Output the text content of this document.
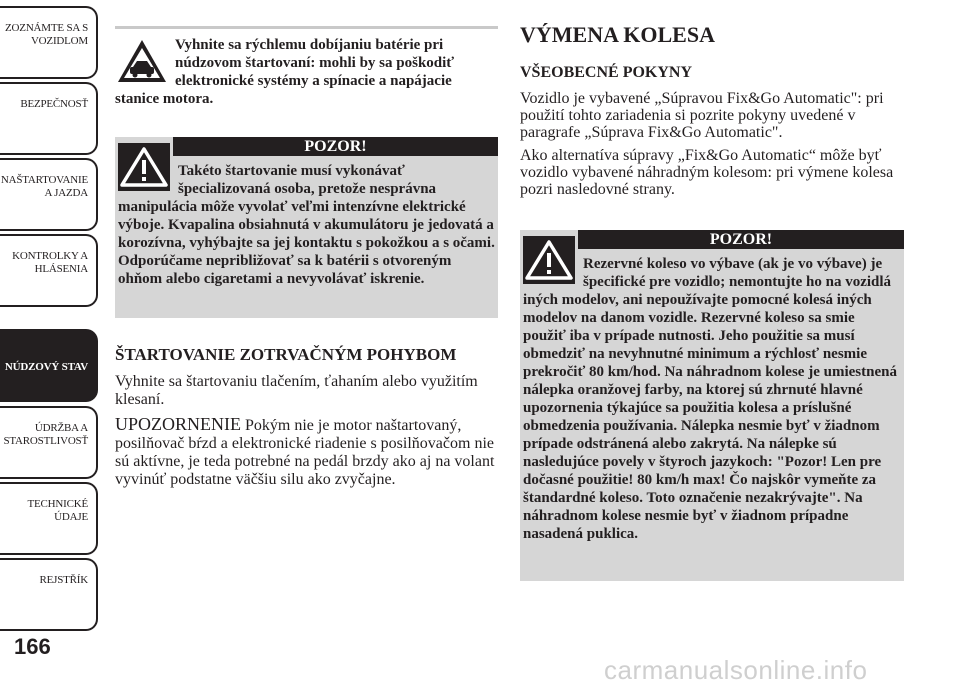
ZOZNÁMTE SA S VOZIDLOM
BEZPEČNOSŤ
NAŠTARTOVANIE A JAZDA
KONTROLKY A HLÁSENIA
NÚDZOVÝ STAV
ÚDRŽBA A STAROSTLIVOSŤ
TECHNICKÉ ÚDAJE
REJSTŘÍK
166
Vyhnite sa rýchlemu dobíjaniu batérie pri núdzovom štartovaní: mohli by sa poškodiť elektronické systémy a spínacie a napájacie stanice motora.
POZOR!
Takéto štartovanie musí vykonávať špecializovaná osoba, pretože nesprávna manipulácia môže vyvolať veľmi intenzívne elektrické výboje. Kvapalina obsiahnutá v akumulátoru je jedovatá a korozívna, vyhýbajte sa jej kontaktu s pokožkou a s očami. Odporúčame nepribližovať sa k batérii s otvoreným ohňom alebo cigaretami a nevyvolávať iskrenie.
ŠTARTOVANIE ZOTRVAČNÝM POHYBOM

Vyhnite sa štartovaniu tlačením, ťahaním alebo využitím klesaní.

UPOZORNENIE Pokým nie je motor naštartovaný, posilňovač bŕzd a elektronické riadenie s posilňovačom nie sú aktívne, je teda potrebné na pedál brzdy ako aj na volant vyvinúť podstatne väčšiu silu ako zvyčajne.

VÝMENA KOLESA
VŠEOBECNÉ POKYNY

Vozidlo je vybavené „Súpravou Fix&Go Automatic": pri použití tohto zariadenia si pozrite pokyny uvedené v paragrafe „Súprava Fix&Go Automatic".

Ako alternatíva súpravy „Fix&Go Automatic“ môže byť vozidlo vybavené náhradným kolesom: pri výmene kolesa pozri nasledovné strany.

POZOR!
Rezervné koleso vo výbave (ak je vo výbave) je špecifické pre vozidlo; nemontujte ho na vozidlá iných modelov, ani nepoužívajte pomocné kolesá iných modelov na danom vozidle. Rezervné koleso sa smie použiť iba v prípade nutnosti. Jeho použitie sa musí obmedziť na nevyhnutné minimum a rýchlosť nesmie prekročiť 80 km/hod. Na náhradnom kolese je umiestnená nálepka oranžovej farby, na ktorej sú zhrnuté hlavné upozornenia týkajúce sa použitia kolesa a príslušné obmedzenia používania. Nálepka nesmie byť v žiadnom prípade odstránená alebo zakrytá. Na nálepke sú nasledujúce povely v štyroch jazykoch: "Pozor! Len pre dočasné použitie! 80 km/h max! Čo najskôr vymeňte za štandardné koleso. Toto označenie nezakrývajte". Na náhradnom kolese nesmie byť v žiadnom prípadne nasadená puklica.
carmanualsonline.info
